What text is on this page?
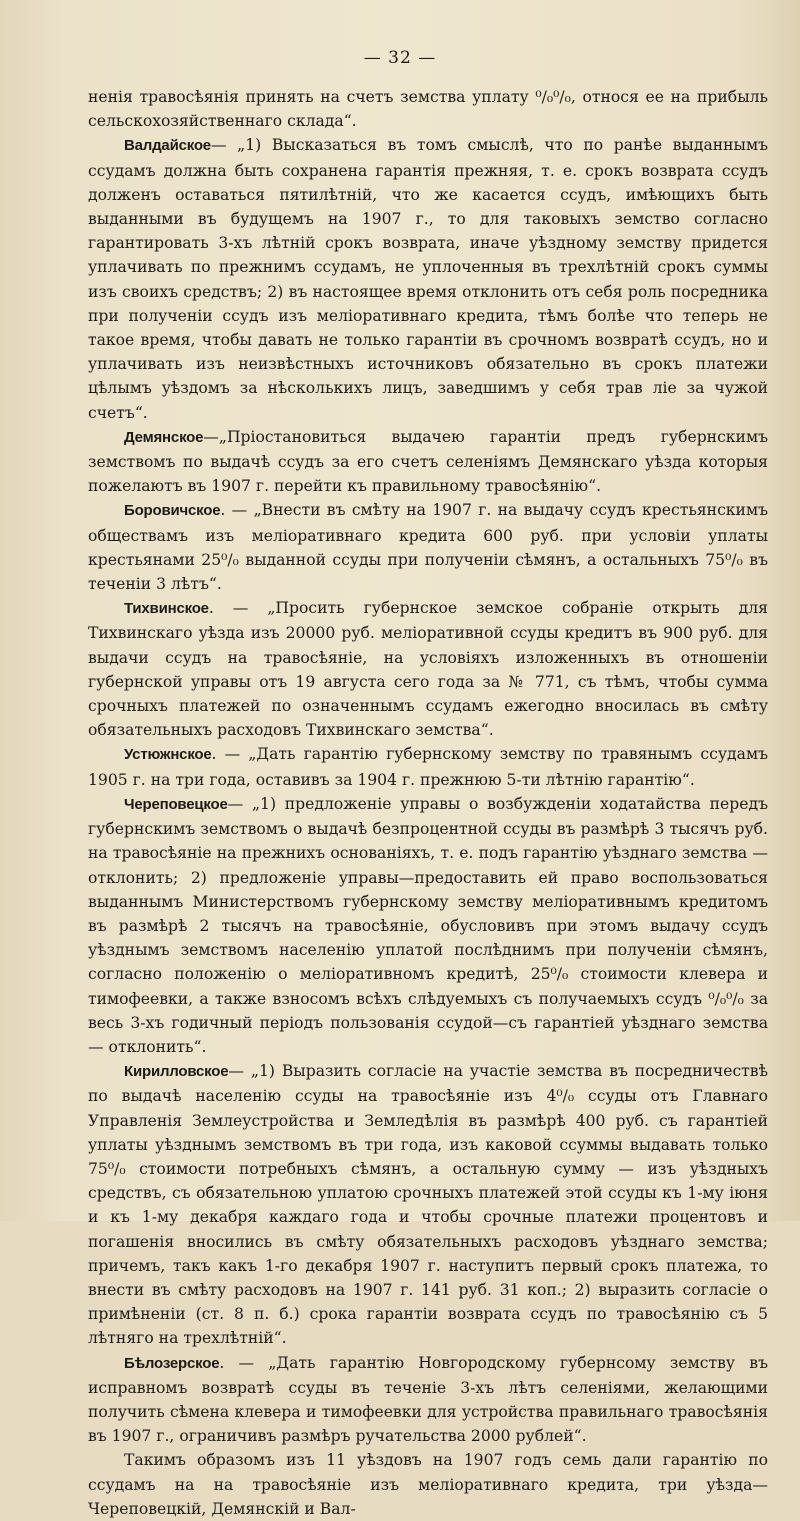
— 32 —

ненія травосѣянія принять на счетъ земства уплату ⁰/₀⁰/₀, относя ее на прибыль сельскохозяйственнаго склада“.

Валдайское— „1) Высказаться въ томъ смыслѣ, что по ранѣе выданнымъ ссудамъ должна быть сохранена гарантія прежняя, т. е. срокъ возврата ссудъ долженъ оставаться пятилѣтній, что же касается ссудъ, имѣющихъ быть выданными въ будущемъ на 1907 г., то для таковыхъ земство согласно гарантировать 3-хъ лѣтній срокъ возврата, иначе уѣздному земству придется уплачивать по прежнимъ ссудамъ, не уплоченныя въ трехлѣтній срокъ суммы изъ своихъ средствъ; 2) въ настоящее время отклонить отъ себя роль посредника при полученіи ссудъ изъ меліоративнаго кредита, тѣмъ болѣе что теперь не такое время, чтобы давать не только гарантіи въ срочномъ возвратѣ ссудъ, но и уплачивать изъ неизвѣстныхъ источниковъ обязательно въ срокъ платежи цѣлымъ уѣздомъ за нѣсколькихъ лицъ, заведшимъ у себя трав ліе за чужой счетъ“.

Демянское—„Пріостановиться выдачею гарантіи предъ губернскимъ земствомъ по выдачѣ ссудъ за его счетъ селеніямъ Демянскаго уѣзда которыя пожелаютъ въ 1907 г. перейти къ правильному травосѣянію“.

Боровичское. — „Внести въ смѣту на 1907 г. на выдачу ссудъ крестьянскимъ обществамъ изъ меліоративнаго кредита 600 руб. при условіи уплаты крестьянами 25⁰/₀ выданной ссуды при полученіи сѣмянъ, а остальныхъ 75⁰/₀ въ теченіи 3 лѣтъ“.

Тихвинское. — „Просить губернское земское собраніе открыть для Тихвинскаго уѣзда изъ 20000 руб. меліоративной ссуды кредитъ въ 900 руб. для выдачи ссудъ на травосѣяніе, на условіяхъ изложенныхъ въ отношеніи губернской управы отъ 19 августа сего года за № 771, съ тѣмъ, чтобы сумма срочныхъ платежей по означеннымъ ссудамъ ежегодно вносилась въ смѣту обязательныхъ расходовъ Тихвинскаго земства“.

Устюжнское. — „Дать гарантію губернскому земству по травянымъ ссудамъ 1905 г. на три года, оставивъ за 1904 г. прежнюю 5-ти лѣтнію гарантію“.

Череповецкое— „1) предложеніе управы о возбужденіи ходатайства передъ губернскимъ земствомъ о выдачѣ безпроцентной ссуды въ размѣрѣ 3 тысячъ руб. на травосѣяніе на прежнихъ основаніяхъ, т. е. подъ гарантію уѣзднаго земства — отклонить; 2) предложеніе управы—предоставить ей право воспользоваться выданнымъ Министерствомъ губернскому земству меліоративнымъ кредитомъ въ размѣрѣ 2 тысячъ на травосѣяніе, обусловивъ при этомъ выдачу ссудъ уѣзднымъ земствомъ населенію уплатой послѣднимъ при полученіи сѣмянъ, согласно положенію о меліоративномъ кредитѣ, 25⁰/₀ стоимости клевера и тимофеевки, а также взносомъ всѣхъ слѣдуемыхъ съ получаемыхъ ссудъ ⁰/₀⁰/₀ за весь 3-хъ годичный періодъ пользованія ссудой—съ гарантіей уѣзднаго земства — отклонить“.

Кирилловское— „1) Выразить согласіе на участіе земства въ посредничествѣ по выдачѣ населенію ссуды на травосѣяніе изъ 4⁰/₀ ссуды отъ Главнаго Управленія Землеустройства и Земледѣлія въ размѣрѣ 400 руб. съ гарантіей уплаты уѣзднымъ земствомъ въ три года, изъ каковой ссуммы выдавать только 75⁰/₀ стоимости потребныхъ сѣмянъ, а остальную сумму — изъ уѣздныхъ средствъ, съ обязательною уплатою срочныхъ платежей этой ссуды къ 1-му іюня и къ 1-му декабря каждаго года и чтобы срочные платежи процентовъ и погашенія вносились въ смѣту обязательныхъ расходовъ уѣзднаго земства; причемъ, такъ какъ 1-го декабря 1907 г. наступитъ первый срокъ платежа, то внести въ смѣту расходовъ на 1907 г. 141 руб. 31 коп.; 2) выразить согласіе о примѣненіи (ст. 8 п. б.) срока гарантіи возврата ссудъ по травосѣянію съ 5 лѣтняго на трехлѣтній“.

Бѣлозерское. — „Дать гарантію Новгородскому губернсому земству въ исправномъ возвратѣ ссуды въ теченіе 3-хъ лѣтъ селеніями, желающими получить сѣмена клевера и тимофеевки для устройства правильнаго травосѣянія въ 1907 г., ограничивъ размѣръ ручательства 2000 рублей“.

Такимъ образомъ изъ 11 уѣздовъ на 1907 годъ семь дали гарантію по ссудамъ на на травосѣяніе изъ меліоративнаго кредита, три уѣзда—Череповецкій, Демянскій и Вал-
